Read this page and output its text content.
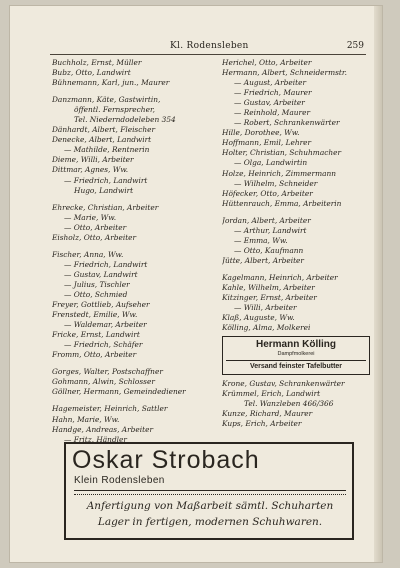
Kl. Rodensleben	259
Buchholz, Ernst, Müller
Bubz, Otto, Landwirt
Bühnemann, Karl, jun., Maurer
Danzmann, Käte, Gastwirtin,
öffentl. Fernsprecher,
Tel. Niederndodeleben 354
Dänhardt, Albert, Fleischer
Denecke, Albert, Landwirt
— Mathilde, Rentnerin
Dieme, Willi, Arbeiter
Dittmar, Agnes, Ww.
— Friedrich, Landwirt
Hugo, Landwirt
Ehrecke, Christian, Arbeiter
— Marie, Ww.
— Otto, Arbeiter
Eisholz, Otto, Arbeiter
Fischer, Anna, Ww.
— Friedrich, Landwirt
— Gustav, Landwirt
— Julius, Tischler
— Otto, Schmied
Freyer, Gottlieb, Aufseher
Frenstedt, Emilie, Ww.
— Waldemar, Arbeiter
Fricke, Ernst, Landwirt
— Friedrich, Schäfer
Fromm, Otto, Arbeiter
Gorges, Walter, Postschaffner
Gohmann, Alwin, Schlosser
Göllner, Hermann, Gemeindediener
Hagemeister, Heinrich, Sattler
Hahn, Marie, Ww.
Handge, Andreas, Arbeiter
— Fritz, Händler
Herichel, Otto, Arbeiter
Hermann, Albert, Schneidermstr.
— August, Arbeiter
— Friedrich, Maurer
— Gustav, Arbeiter
— Reinhold, Maurer
— Robert, Schrankenwärter
Hille, Dorothee, Ww.
Hoffmann, Emil, Lehrer
Holter, Christian, Schuhmacher
— Olga, Landwirtin
Holze, Heinrich, Zimmermann
— Wilhelm, Schneider
Höfecker, Otto, Arbeiter
Hüttenrauch, Emma, Arbeiterin
Jordan, Albert, Arbeiter
— Arthur, Landwirt
— Emma, Ww.
— Otto, Kaufmann
Jütte, Albert, Arbeiter
Kagelmann, Heinrich, Arbeiter
Kahle, Wilhelm, Arbeiter
Kitzinger, Ernst, Arbeiter
— Willi, Arbeiter
Klaß, Auguste, Ww.
Kölling, Alma, Molkerei
Hermann Kölling
Dampfmolkerei
Versand feinster Tafelbutter
Krone, Gustav, Schrankenwärter
Krümmel, Erich, Landwirt
Tel. Wanzleben 466/366
Kunze, Richard, Maurer
Kups, Erich, Arbeiter
Oskar Strobach
Klein Rodensleben
Anfertigung von Maßarbeit sämtl. Schuharten
Lager in fertigen, modernen Schuhwaren.
